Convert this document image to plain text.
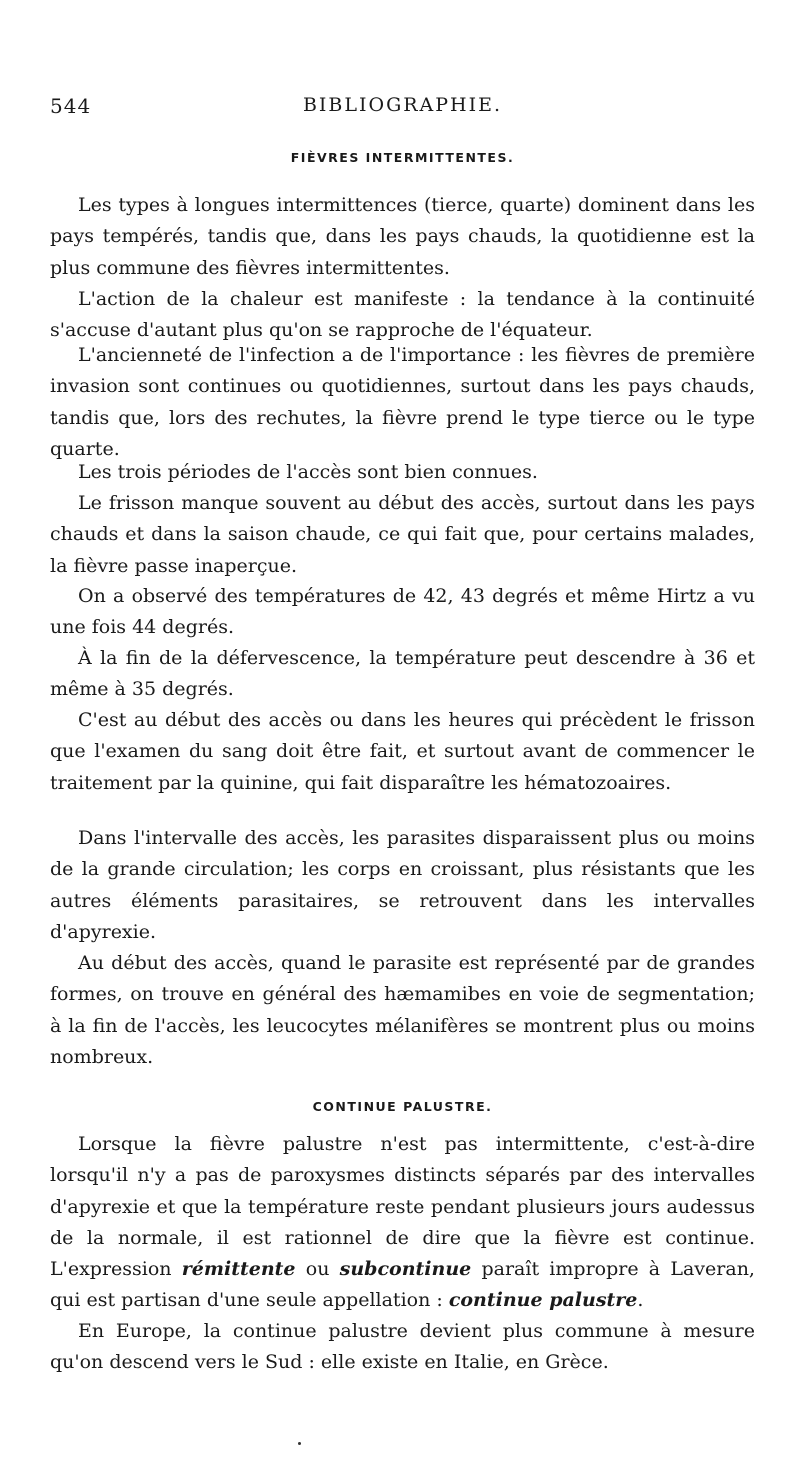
544	BIBLIOGRAPHIE.
FIÈVRES INTERMITTENTES.

Les types à longues intermittences (tierce, quarte) dominent dans les pays tempérés, tandis que, dans les pays chauds, la quotidienne est la plus commune des fièvres intermittentes.

L'action de la chaleur est manifeste : la tendance à la continuité s'accuse d'autant plus qu'on se rapproche de l'équateur.

L'ancienneté de l'infection a de l'importance : les fièvres de première invasion sont continues ou quotidiennes, surtout dans les pays chauds, tandis que, lors des rechutes, la fièvre prend le type tierce ou le type quarte.

Les trois périodes de l'accès sont bien connues.

Le frisson manque souvent au début des accès, surtout dans les pays chauds et dans la saison chaude, ce qui fait que, pour certains malades, la fièvre passe inaperçue.

On a observé des températures de 42, 43 degrés et même Hirtz a vu une fois 44 degrés.

À la fin de la défervescence, la température peut descendre à 36 et même à 35 degrés.

C'est au début des accès ou dans les heures qui précèdent le frisson que l'examen du sang doit être fait, et surtout avant de commencer le traitement par la quinine, qui fait disparaître les hématozoaires.

Dans l'intervalle des accès, les parasites disparaissent plus ou moins de la grande circulation; les corps en croissant, plus résistants que les autres éléments parasitaires, se retrouvent dans les intervalles d'apyrexie.

Au début des accès, quand le parasite est représenté par de grandes formes, on trouve en général des hæmamibes en voie de segmentation; à la fin de l'accès, les leucocytes mélanifères se montrent plus ou moins nombreux.

CONTINUE PALUSTRE.

Lorsque la fièvre palustre n'est pas intermittente, c'est-à-dire lorsqu'il n'y a pas de paroxysmes distincts séparés par des intervalles d'apyrexie et que la température reste pendant plusieurs jours audessus de la normale, il est rationnel de dire que la fièvre est continue. L'expression rémittente ou subcontinue paraît impropre à Laveran, qui est partisan d'une seule appellation : continue palustre.

En Europe, la continue palustre devient plus commune à mesure qu'on descend vers le Sud : elle existe en Italie, en Grèce.
